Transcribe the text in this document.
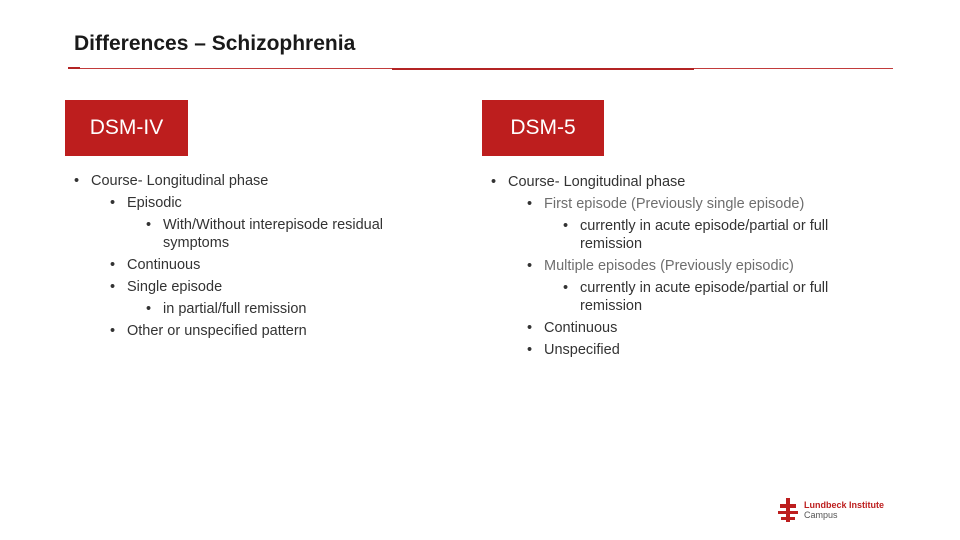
Differences – Schizophrenia
DSM-IV	DSM-5
• Course- Longitudinal phase
• Episodic
• With/Without interepisode residual symptoms
• Continuous
• Single episode
• in partial/full remission
• Other or unspecified pattern
• Course- Longitudinal phase
• First episode (Previously single episode)
• currently in acute episode/partial or full remission
• Multiple episodes (Previously episodic)
• currently in acute episode/partial or full remission
• Continuous
• Unspecified
Lundbeck Institute
Campus
